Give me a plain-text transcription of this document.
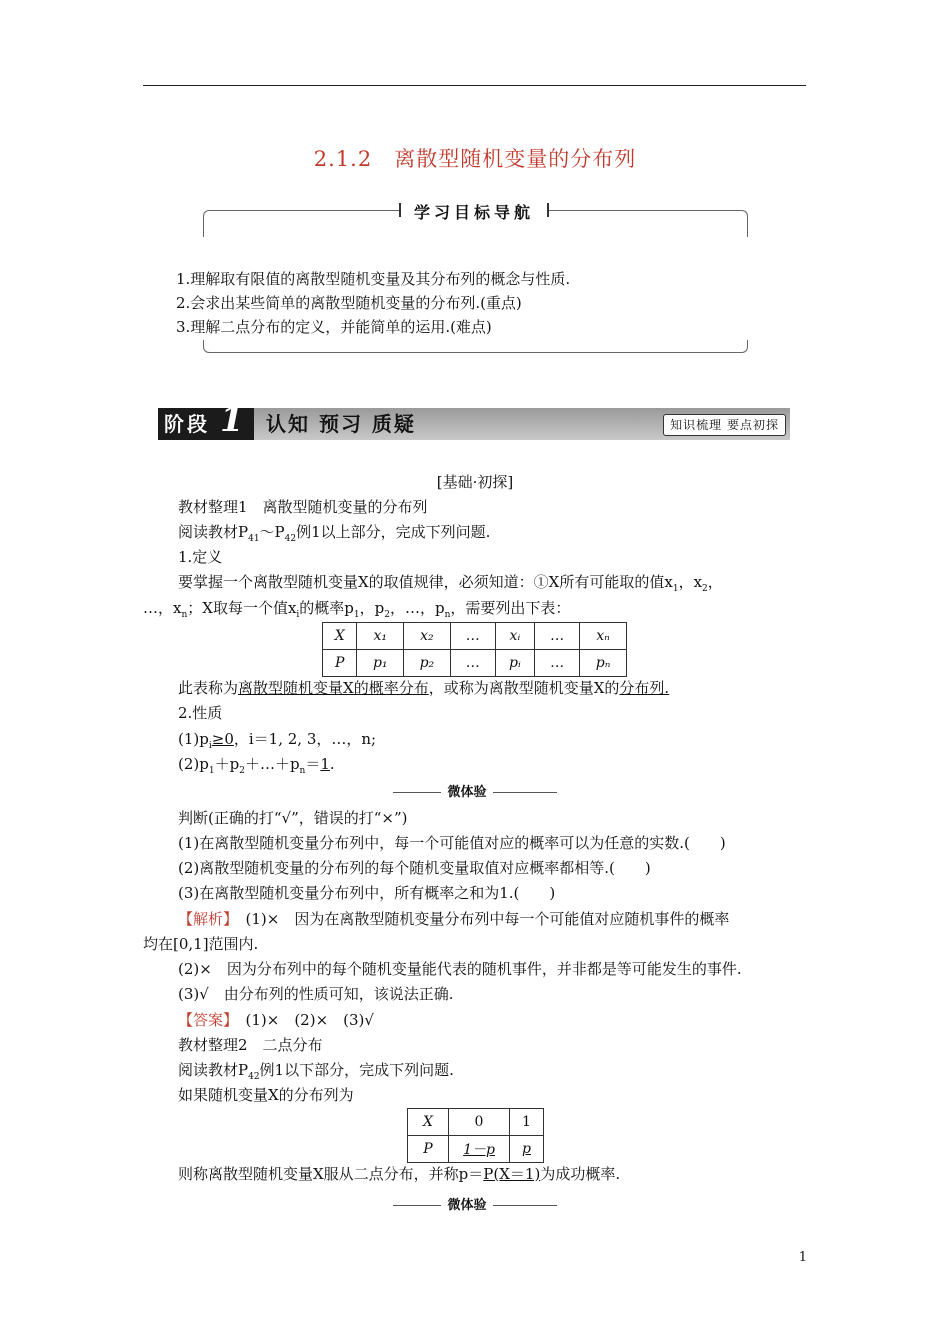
2.1.2　离散型随机变量的分布列
学习目标导航
1.理解取有限值的离散型随机变量及其分布列的概念与性质.
2.会求出某些简单的离散型随机变量的分布列.(重点)
3.理解二点分布的定义，并能简单的运用.(难点)
阶段 1 认知 预习 质疑	知识梳理 要点初探
[基础·初探]
教材整理1　离散型随机变量的分布列
阅读教材$P_{41}\sim P_{42}$例1以上部分，完成下列问题.
1.定义
要掌握一个离散型随机变量X的取值规律，必须知道：①X所有可能取的值$x_1$，$x_2$，
…，$x_n$；X取每一个值$x_i$的概率$p_1$，$p_2$，…，$p_n$，需要列出下表：
X	x₁	x₂	…	xᵢ	…	xₙ
P	p₁	p₂	…	pᵢ	…	pₙ
此表称为离散型随机变量X的概率分布，或称为离散型随机变量X的分布列.
2.性质
$(1)p_i\ge 0$，i＝1, 2, 3，…，n;
$(2)p_1+p_2+\dots+p_n=1$.
微体验
判断(正确的打“√”，错误的打“×”)
(1)在离散型随机变量分布列中，每一个可能值对应的概率可以为任意的实数.(　　)
(2)离散型随机变量的分布列的每个随机变量取值对应概率都相等.(　　)
(3)在离散型随机变量分布列中，所有概率之和为1.(　　)
【解析】　(1)×　因为在离散型随机变量分布列中每一个可能值对应随机事件的概率
均在[0,1]范围内.
(2)×　因为分布列中的每个随机变量能代表的随机事件，并非都是等可能发生的事件.
(3)√　由分布列的性质可知，该说法正确.
【答案】　(1)×　(2)×　(3)√
教材整理2　二点分布
阅读教材$P_{42}$例1以下部分，完成下列问题.
如果随机变量X的分布列为
X	0	1
P	1－p	p
则称离散型随机变量X服从二点分布，并称p＝P(X＝1)为成功概率.
微体验
1
